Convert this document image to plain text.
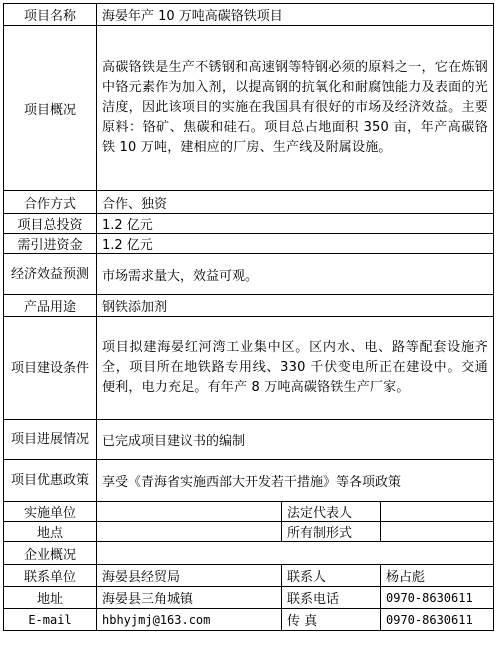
项目名称	海晏年产 10 万吨高碳铬铁项目		
项目概况	高碳铬铁是生产不锈钢和高速钢等特钢必须的原料之一，它在炼钢中铬元素作为加入剂，以提高钢的抗氧化和耐腐蚀能力及表面的光洁度，因此该项目的实施在我国具有很好的市场及经济效益。主要原料：铬矿、焦碳和硅石。项目总占地面积 350 亩，年产高碳铬铁 10 万吨，建相应的厂房、生产线及附属设施。		
合作方式	合作、独资		
项目总投资	1.2 亿元		
需引进资金	1.2 亿元		
经济效益预测	市场需求量大，效益可观。		
产品用途	钢铁添加剂		
项目建设条件	项目拟建海晏红河湾工业集中区。区内水、电、路等配套设施齐全，项目所在地铁路专用线、330 千伏变电所正在建设中。交通便利，电力充足。有年产 8 万吨高碳铬铁生产厂家。		
项目进展情况	已完成项目建议书的编制		
项目优惠政策	享受《青海省实施西部大开发若干措施》等各项政策		
实施单位		法定代表人	
地点		所有制形式	
企业概况			
联系单位	海晏县经贸局	联系人	杨占彪
地址	海晏县三角城镇	联系电话	0970-8630611
E-mail	hbhyjmj@163.com	传 真	0970-8630611
